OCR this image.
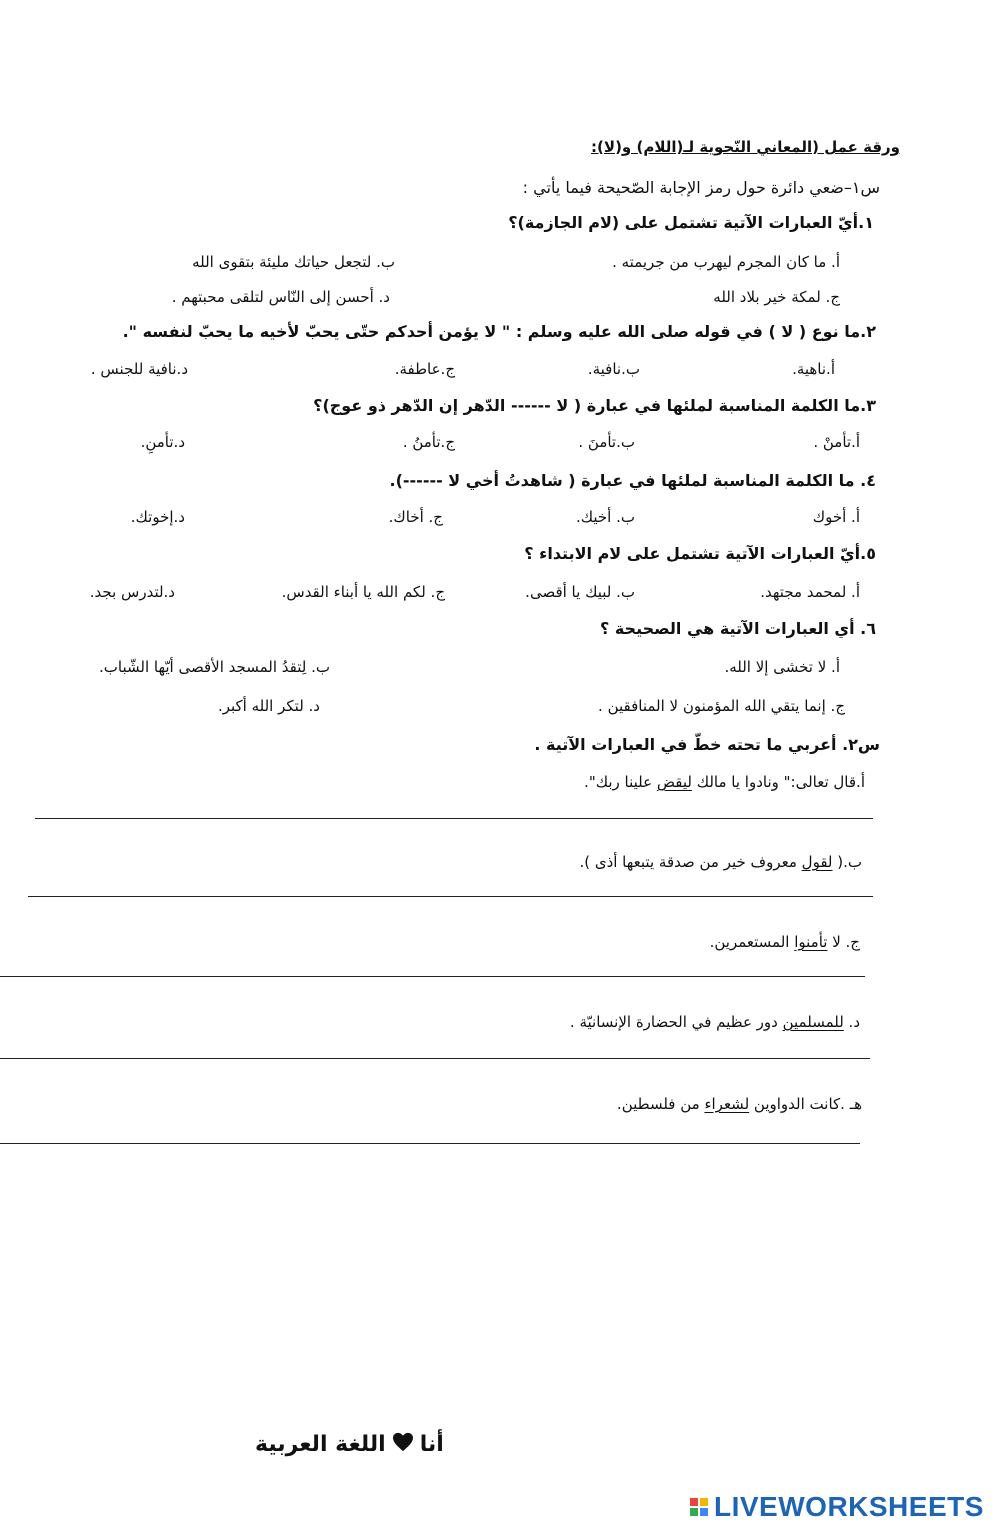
ورقة عمل (المعاني النّحوية لـ(اللام) و(لا):
س١–ضعي دائرة حول رمز الإجابة الصّحيحة فيما يأتي :
١.أيّ العبارات الآتية تشتمل على (لام الجازمة)؟
أ. ما كان المجرم ليهرب من جريمته .
ب. لتجعل حياتك مليئة بتقوى الله
ج. لمكة خير بلاد الله
د. أحسن إلى النّاس لتلقى محبتهم .
٢.ما نوع ( لا ) في قوله صلى الله عليه وسلم : " لا يؤمن أحدكم حتّى يحبّ لأخيه ما يحبّ لنفسه ".
أ.ناهية.
ب.نافية.
ج.عاطفة.
د.نافية للجنس .
٣.ما الكلمة المناسبة لملئها في عبارة ( لا ------ الدّهر إن الدّهر ذو عوج)؟
أ.تأمنْ .
ب.تأمنَ .
ج.تأمنُ .
د.تأمنِ.
٤. ما الكلمة المناسبة لملئها في عبارة ( شاهدتُ أخي لا ------).
أ. أخوك
ب. أخيك.
ج. أخاك.
د.إخوتك.
٥.أيّ العبارات الآتية تشتمل على لام الابتداء ؟
أ. لمحمد مجتهد.
ب. لبيك يا أقصى.
ج. لكم الله يا أبناء القدس.
د.لتدرس بجد.
٦. أي العبارات الآتية هي الصحيحة ؟
أ. لا تخشى إلا الله.
ب. لِتقدُ المسجد الأقصى أيّها الشّباب.
ج. إنما يتقي الله المؤمنون لا المنافقين .
د. لتكر الله أكبر.
س٢. أعربي ما تحته خطّ في العبارات الآتية .
أ.قال تعالى:" ونادوا يا مالك ليقض علينا ربك".
ب.( لقول معروف خير من صدقة يتبعها أذى ).
ج. لا تأمنوا المستعمرين.
د. للمسلمين دور عظيم في الحضارة الإنسانيّة .
هـ .كانت الدواوين لشعراء من فلسطين.
أنااللغة العربية
LIVEWORKSHEETS
